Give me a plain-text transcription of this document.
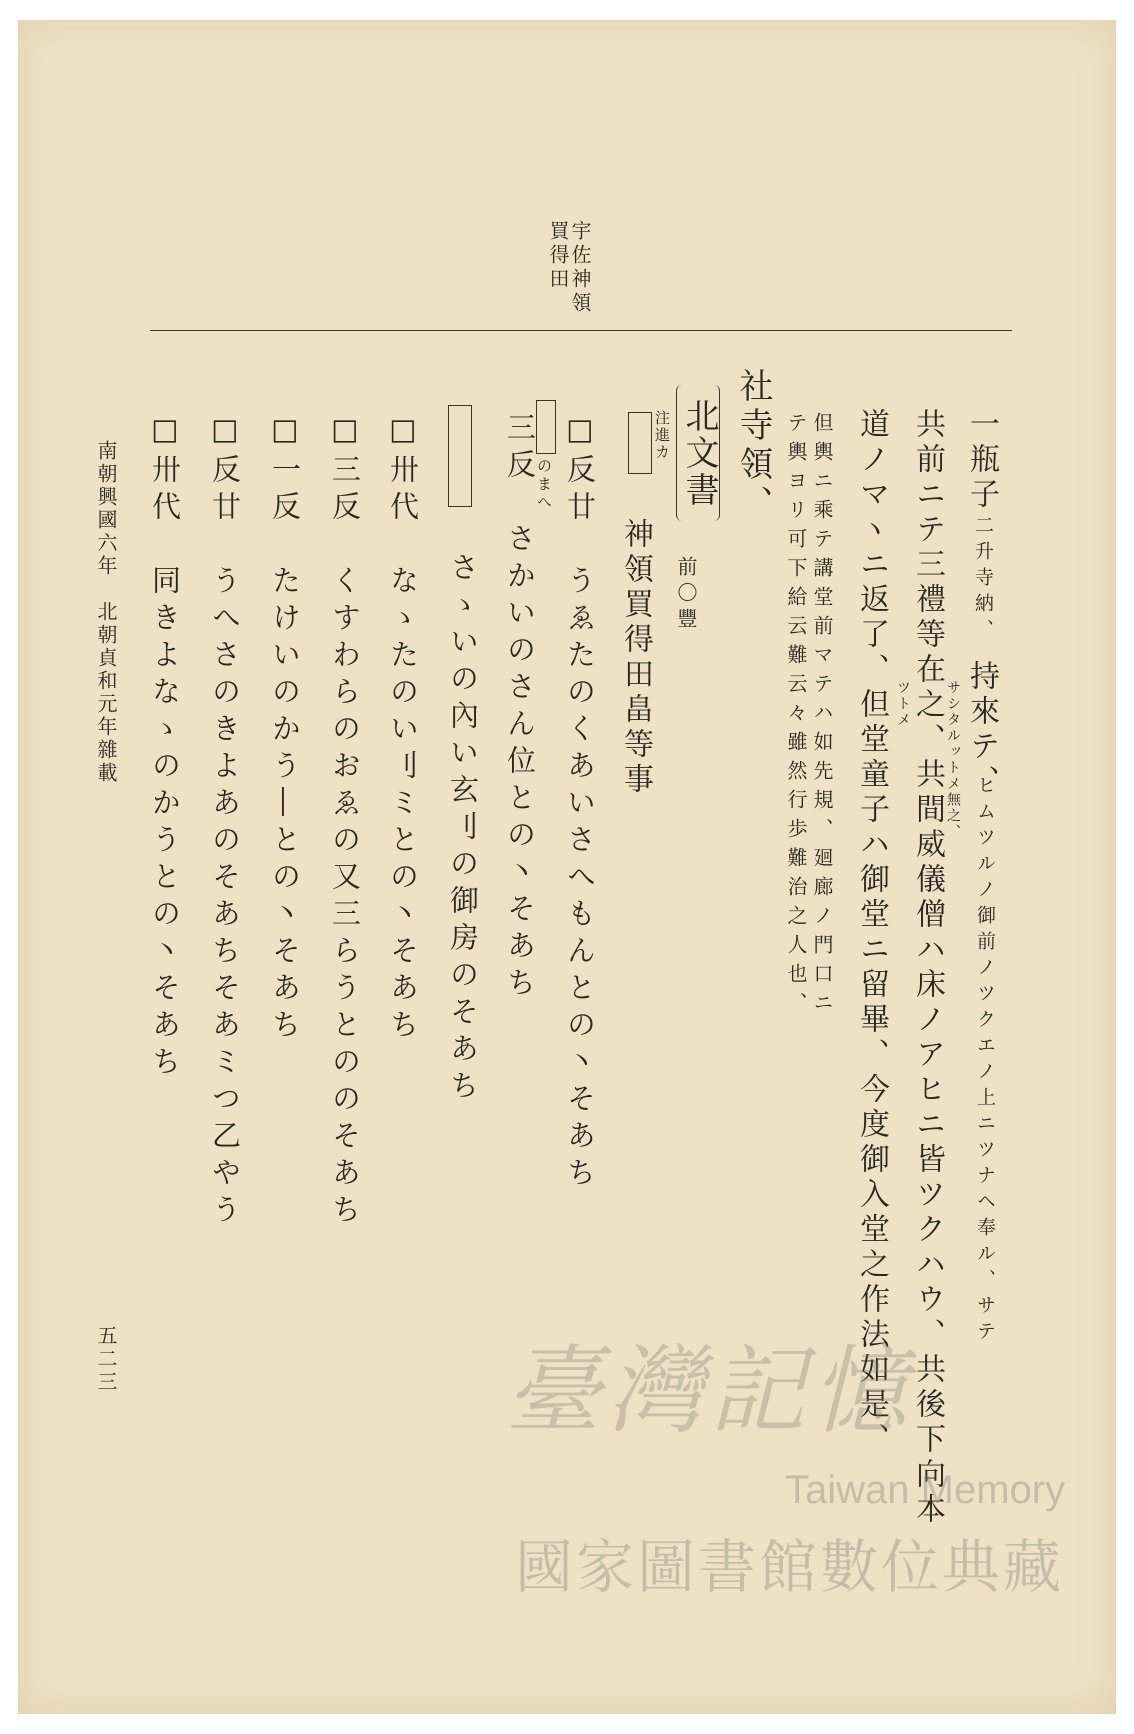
宇佐神領
買得田
一瓶子
二升寺納、
持來テ、
ヒムツルノ御前ノツクエノ上ニツナヘ奉ル、サテ
サシタルットメ無之、
共前ニテ三禮等在之、共間威儀僧ハ床ノアヒニ皆ツクハウ、共後下向本
ツトメ
道ノマヽニ返了、但堂童子ハ御堂ニ留畢、今度御入堂之作法如是、
但輿ニ乘テ講堂前マテハ如先規、廻廊ノ門口ニ
テ輿ヨリ可下給云難云々雖然行歩難治之人也、
社寺領、
北文書
注進カ
前〇豐
神領買得田畠等事
□反廿　うゑたのくあいさへもんとの丶そあち
のまへ
三反　さかいのさん位との丶そあち
さゝいの內い玄刂の御房のそあち
□卅代　なゝたのい刂ミとの丶そあち
□三反　くすわらのおゑの又三らうとののそあち
□一反　たけいのかう―との丶そあち
□反廿　うへさのきよあのそあちそあミつ乙やう
□卅代　同きよなゝのかうとの丶そあち
南朝興國六年　北朝貞和元年雜載
五二三	臺灣記憶
Taiwan Memory
國家圖書館數位典藏
